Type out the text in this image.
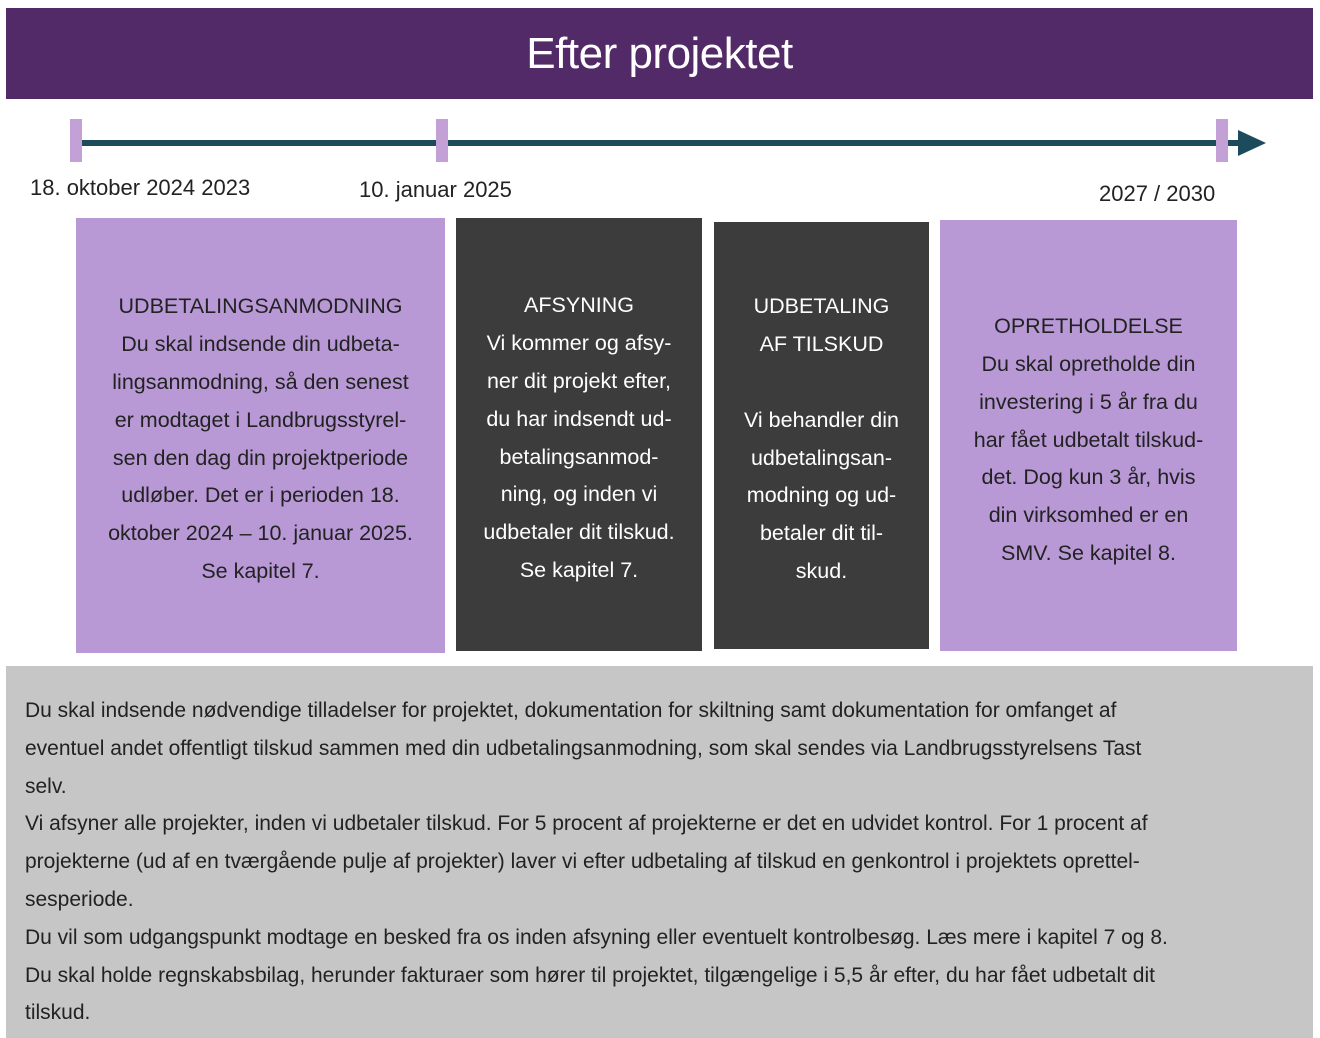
Efter projektet
18. oktober 2024 2023	10. januar 2025	2027 / 2030
UDBETALINGSANMODNING
Du skal indsende din udbeta-
lingsanmodning, så den senest
er modtaget i Landbrugsstyrel-
sen den dag din projektperiode
udløber. Det er i perioden 18.
oktober 2024 – 10. januar 2025.
Se kapitel 7.
AFSYNING
Vi kommer og afsy-
ner dit projekt efter,
du har indsendt ud-
betalingsanmod-
ning, og inden vi
udbetaler dit tilskud.
Se kapitel 7.
UDBETALING
AF TILSKUD
Vi behandler din
udbetalingsan-
modning og ud-
betaler dit til-
skud.
OPRETHOLDELSE
Du skal opretholde din
investering i 5 år fra du
har fået udbetalt tilskud-
det. Dog kun 3 år, hvis
din virksomhed er en
SMV. Se kapitel 8.

Du skal indsende nødvendige tilladelser for projektet, dokumentation for skiltning samt dokumentation for omfanget af
eventuel andet offentligt tilskud sammen med din udbetalingsanmodning, som skal sendes via Landbrugsstyrelsens Tast
selv.

Vi afsyner alle projekter, inden vi udbetaler tilskud. For 5 procent af projekterne er det en udvidet kontrol. For 1 procent af
projekterne (ud af en tværgående pulje af projekter) laver vi efter udbetaling af tilskud en genkontrol i projektets oprettel-
sesperiode.

Du vil som udgangspunkt modtage en besked fra os inden afsyning eller eventuelt kontrolbesøg. Læs mere i kapitel 7 og 8.

Du skal holde regnskabsbilag, herunder fakturaer som hører til projektet, tilgængelige i 5,5 år efter, du har fået udbetalt dit
tilskud.
